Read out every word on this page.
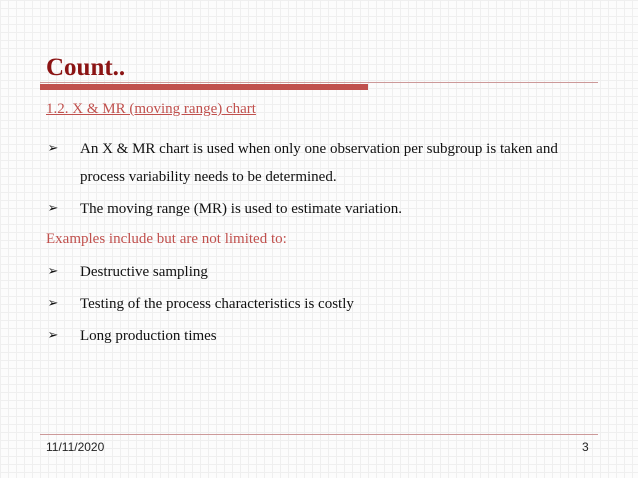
Count..
1.2. X & MR (moving range) chart
➢ An X & MR chart is used when only one observation per subgroup is taken and process variability needs to be determined.
➢ The moving range (MR) is used to estimate variation.
Examples include but are not limited to:
➢ Destructive sampling
➢ Testing of the process characteristics is costly
➢ Long production times
11/11/2020	3
